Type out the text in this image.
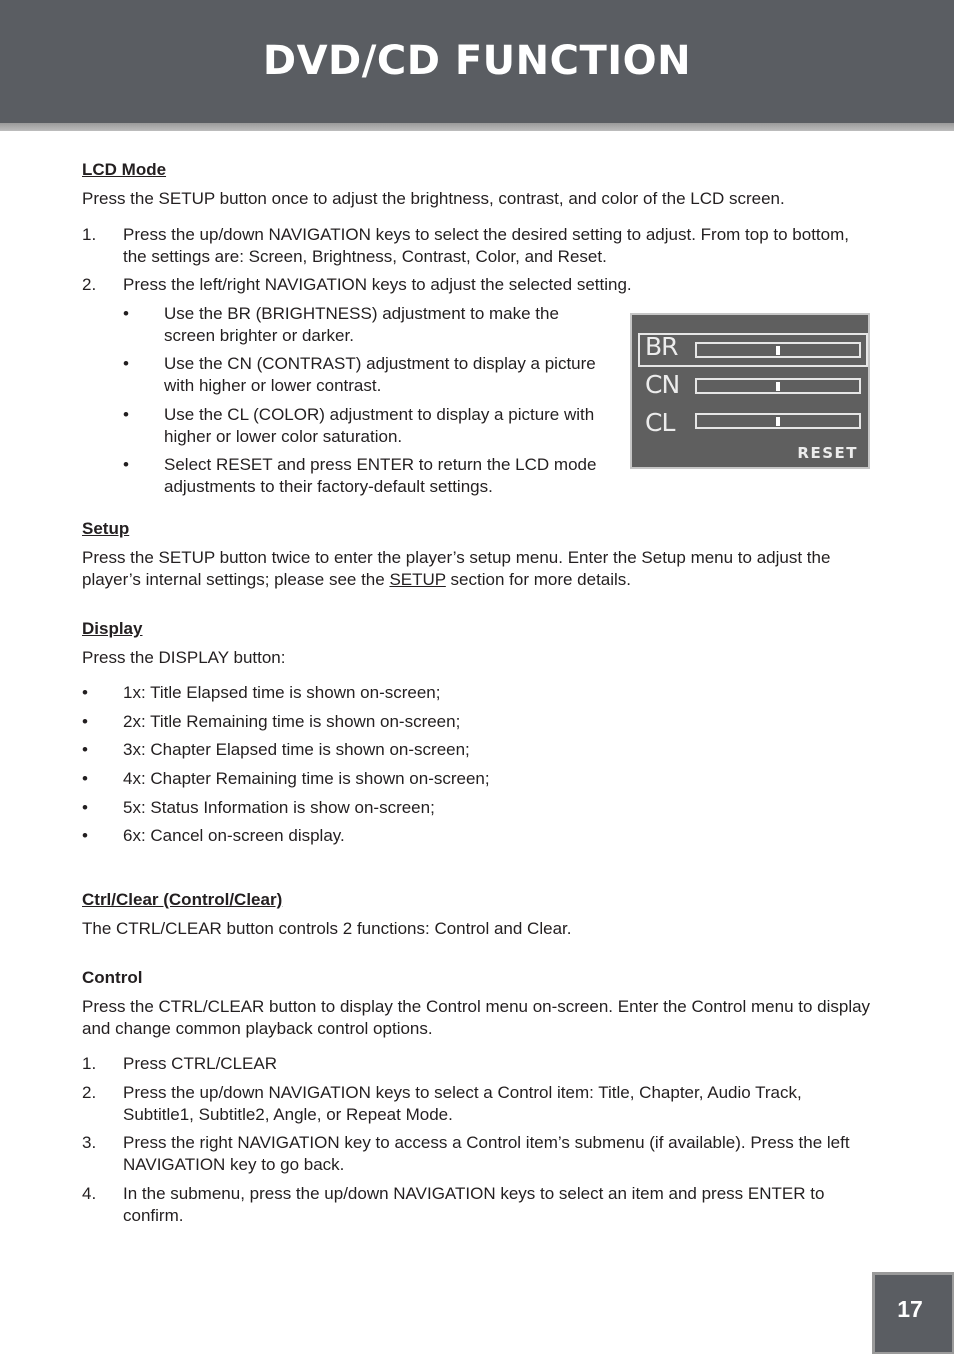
DVD/CD FUNCTION
LCD Mode
Press the SETUP button once to adjust the brightness, contrast, and color of the LCD screen.
1. Press the up/down NAVIGATION keys to select the desired setting to adjust. From top to bottom, the settings are: Screen, Brightness, Contrast, Color, and Reset.
2. Press the left/right NAVIGATION keys to adjust the selected setting.
• Use the BR (BRIGHTNESS) adjustment to make the screen brighter or darker.
• Use the CN (CONTRAST) adjustment to display a picture with higher or lower contrast.
• Use the CL (COLOR) adjustment to display a picture with higher or lower color saturation.
• Select RESET and press ENTER to return the LCD mode adjustments to their factory-default settings.
Setup
Press the SETUP button twice to enter the player’s setup menu. Enter the Setup menu to adjust the player’s internal settings; please see the SETUP section for more details.
Display
Press the DISPLAY button:
• 1x: Title Elapsed time is shown on-screen;
• 2x: Title Remaining time is shown on-screen;
• 3x: Chapter Elapsed time is shown on-screen;
• 4x: Chapter Remaining time is shown on-screen;
• 5x: Status Information is show on-screen;
• 6x: Cancel on-screen display.
Ctrl/Clear (Control/Clear)
The CTRL/CLEAR button controls 2 functions: Control and Clear.
Control
Press the CTRL/CLEAR button to display the Control menu on-screen. Enter the Control menu to display and change common playback control options.
1. Press CTRL/CLEAR
2. Press the up/down NAVIGATION keys to select a Control item: Title, Chapter, Audio Track, Subtitle1, Subtitle2, Angle, or Repeat Mode.
3. Press the right NAVIGATION key to access a Control item’s submenu (if available). Press the left NAVIGATION key to go back.
4. In the submenu, press the up/down NAVIGATION keys to select an item and press ENTER to confirm.
BR
CN
CL
RESET
17
